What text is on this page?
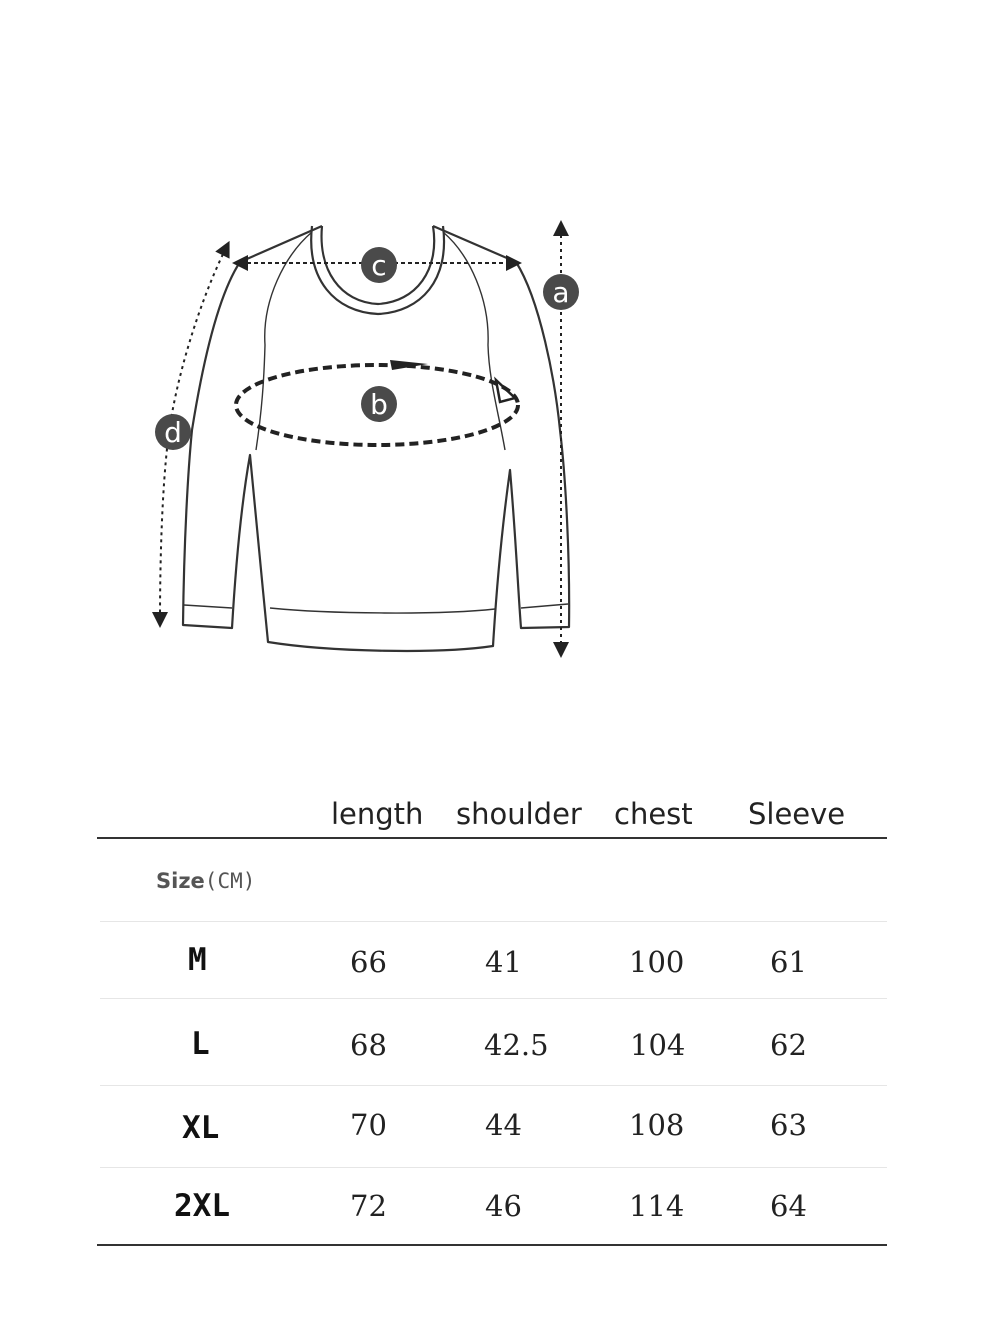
c
a
b
d
length shoulder chest Sleeve
Size(CM)
M	66	41	100	61
L	68	42.5	104	62
XL	70	44	108	63
2XL	72	46	114	64
